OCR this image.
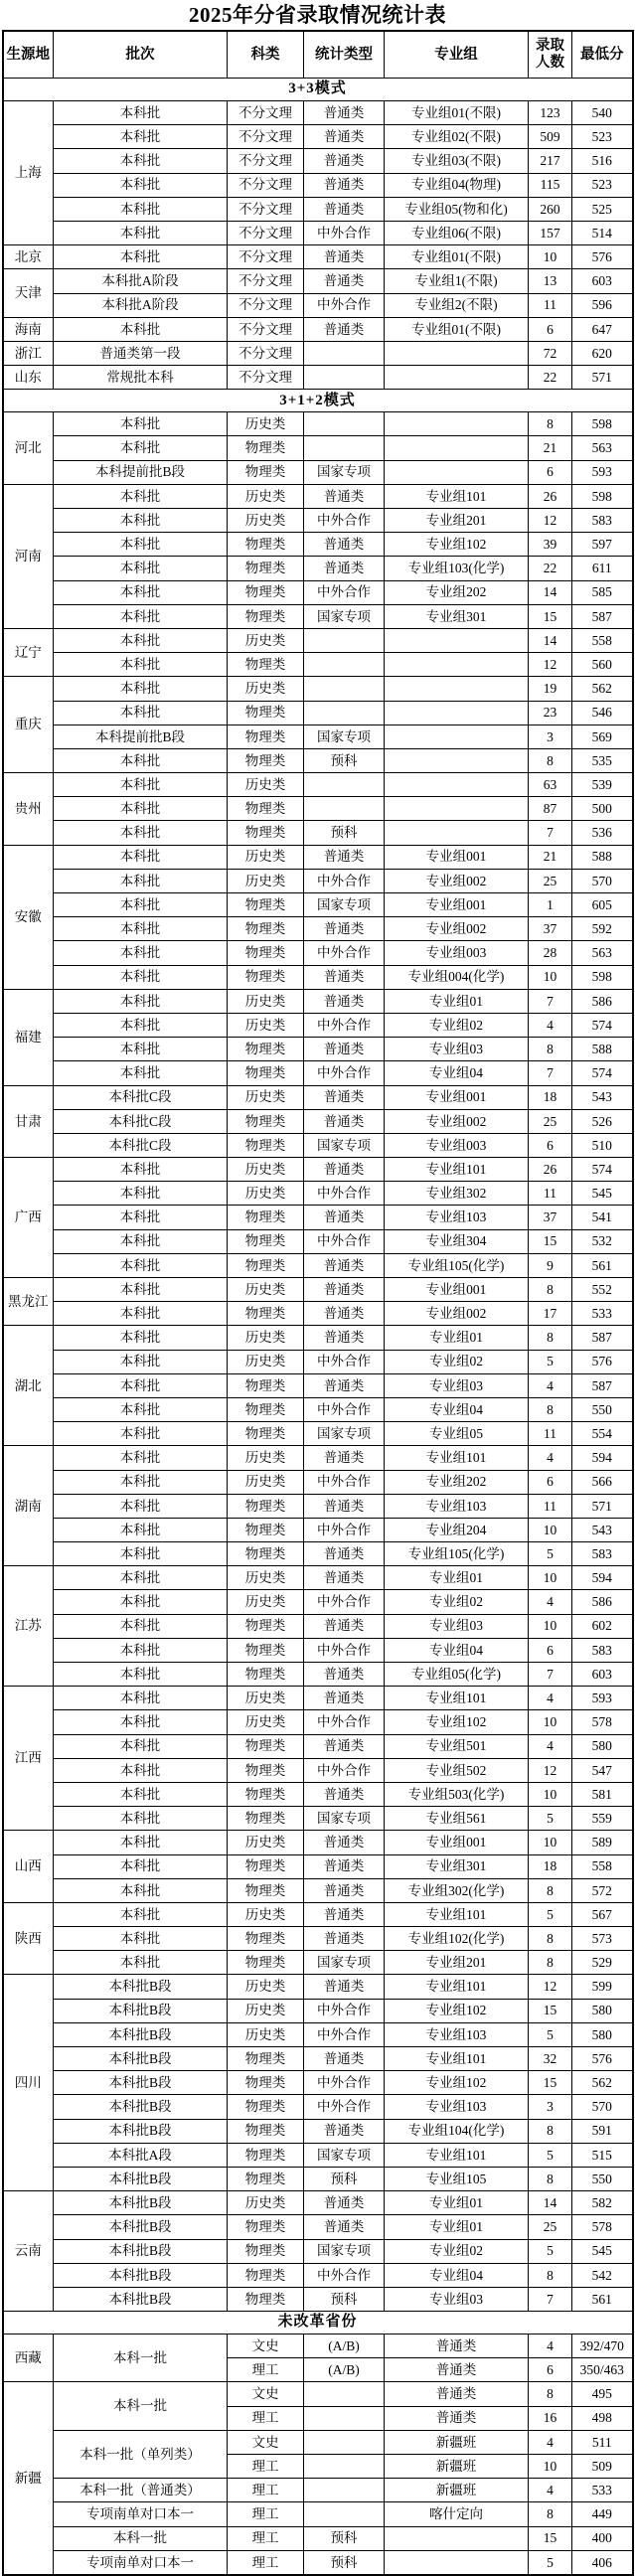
2025年分省录取情况统计表
生源地	批次	科类	统计类型	专业组	录取人数	最低分
3+3模式						
上海	本科批	不分文理	普通类	专业组01(不限)	123	540
	本科批	不分文理	普通类	专业组02(不限)	509	523
	本科批	不分文理	普通类	专业组03(不限)	217	516
	本科批	不分文理	普通类	专业组04(物理)	115	523
	本科批	不分文理	普通类	专业组05(物和化)	260	525
	本科批	不分文理	中外合作	专业组06(不限)	157	514
北京	本科批	不分文理	普通类	专业组01(不限)	10	576
天津	本科批A阶段	不分文理	普通类	专业组1(不限)	13	603
	本科批A阶段	不分文理	中外合作	专业组2(不限)	11	596
海南	本科批	不分文理	普通类	专业组01(不限)	6	647
浙江	普通类第一段	不分文理			72	620
山东	常规批本科	不分文理			22	571
3+1+2模式						
河北	本科批	历史类			8	598
	本科批	物理类			21	563
	本科提前批B段	物理类	国家专项		6	593
河南	本科批	历史类	普通类	专业组101	26	598
	本科批	历史类	中外合作	专业组201	12	583
	本科批	物理类	普通类	专业组102	39	597
	本科批	物理类	普通类	专业组103(化学)	22	611
	本科批	物理类	中外合作	专业组202	14	585
	本科批	物理类	国家专项	专业组301	15	587
辽宁	本科批	历史类			14	558
	本科批	物理类			12	560
重庆	本科批	历史类			19	562
	本科批	物理类			23	546
	本科提前批B段	物理类	国家专项		3	569
	本科批	物理类	预科		8	535
贵州	本科批	历史类			63	539
	本科批	物理类			87	500
	本科批	物理类	预科		7	536
安徽	本科批	历史类	普通类	专业组001	21	588
	本科批	历史类	中外合作	专业组002	25	570
	本科批	物理类	国家专项	专业组001	1	605
	本科批	物理类	普通类	专业组002	37	592
	本科批	物理类	中外合作	专业组003	28	563
	本科批	物理类	普通类	专业组004(化学)	10	598
福建	本科批	历史类	普通类	专业组01	7	586
	本科批	历史类	中外合作	专业组02	4	574
	本科批	物理类	普通类	专业组03	8	588
	本科批	物理类	中外合作	专业组04	7	574
甘肃	本科批C段	历史类	普通类	专业组001	18	543
	本科批C段	物理类	普通类	专业组002	25	526
	本科批C段	物理类	国家专项	专业组003	6	510
广西	本科批	历史类	普通类	专业组101	26	574
	本科批	历史类	中外合作	专业组302	11	545
	本科批	物理类	普通类	专业组103	37	541
	本科批	物理类	中外合作	专业组304	15	532
	本科批	物理类	普通类	专业组105(化学)	9	561
黑龙江	本科批	历史类	普通类	专业组001	8	552
	本科批	物理类	普通类	专业组002	17	533
湖北	本科批	历史类	普通类	专业组01	8	587
	本科批	历史类	中外合作	专业组02	5	576
	本科批	物理类	普通类	专业组03	4	587
	本科批	物理类	中外合作	专业组04	8	550
	本科批	物理类	国家专项	专业组05	11	554
湖南	本科批	历史类	普通类	专业组101	4	594
	本科批	历史类	中外合作	专业组202	6	566
	本科批	物理类	普通类	专业组103	11	571
	本科批	物理类	中外合作	专业组204	10	543
	本科批	物理类	普通类	专业组105(化学)	5	583
江苏	本科批	历史类	普通类	专业组01	10	594
	本科批	历史类	中外合作	专业组02	4	586
	本科批	物理类	普通类	专业组03	10	602
	本科批	物理类	中外合作	专业组04	6	583
	本科批	物理类	普通类	专业组05(化学)	7	603
江西	本科批	历史类	普通类	专业组101	4	593
	本科批	历史类	中外合作	专业组102	10	578
	本科批	物理类	普通类	专业组501	4	580
	本科批	物理类	中外合作	专业组502	12	547
	本科批	物理类	普通类	专业组503(化学)	10	581
	本科批	物理类	国家专项	专业组561	5	559
山西	本科批	历史类	普通类	专业组001	10	589
	本科批	物理类	普通类	专业组301	18	558
	本科批	物理类	普通类	专业组302(化学)	8	572
陕西	本科批	历史类	普通类	专业组101	5	567
	本科批	物理类	普通类	专业组102(化学)	8	573
	本科批	物理类	国家专项	专业组201	8	529
四川	本科批B段	历史类	普通类	专业组101	12	599
	本科批B段	历史类	中外合作	专业组102	15	580
	本科批B段	历史类	中外合作	专业组103	5	580
	本科批B段	物理类	普通类	专业组101	32	576
	本科批B段	物理类	中外合作	专业组102	15	562
	本科批B段	物理类	中外合作	专业组103	3	570
	本科批B段	物理类	普通类	专业组104(化学)	8	591
	本科批A段	物理类	国家专项	专业组101	5	515
	本科批B段	物理类	预科	专业组105	8	550
云南	本科批B段	历史类	普通类	专业组01	14	582
	本科批B段	物理类	普通类	专业组01	25	578
	本科批B段	物理类	国家专项	专业组02	5	545
	本科批B段	物理类	中外合作	专业组04	8	542
	本科批B段	物理类	预科	专业组03	7	561
未改革省份						
西藏	本科一批	文史	(A/B)	普通类	4	392/470
		理工	(A/B)	普通类	6	350/463
新疆	本科一批	文史		普通类	8	495
		理工		普通类	16	498
	本科一批（单列类）	文史		新疆班	4	511
		理工		新疆班	10	509
	本科一批（普通类）	理工		新疆班	4	533
	专项南单对口本一	理工		喀什定向	8	449
	本科一批	理工	预科		15	400
	专项南单对口本一	理工	预科		5	406
